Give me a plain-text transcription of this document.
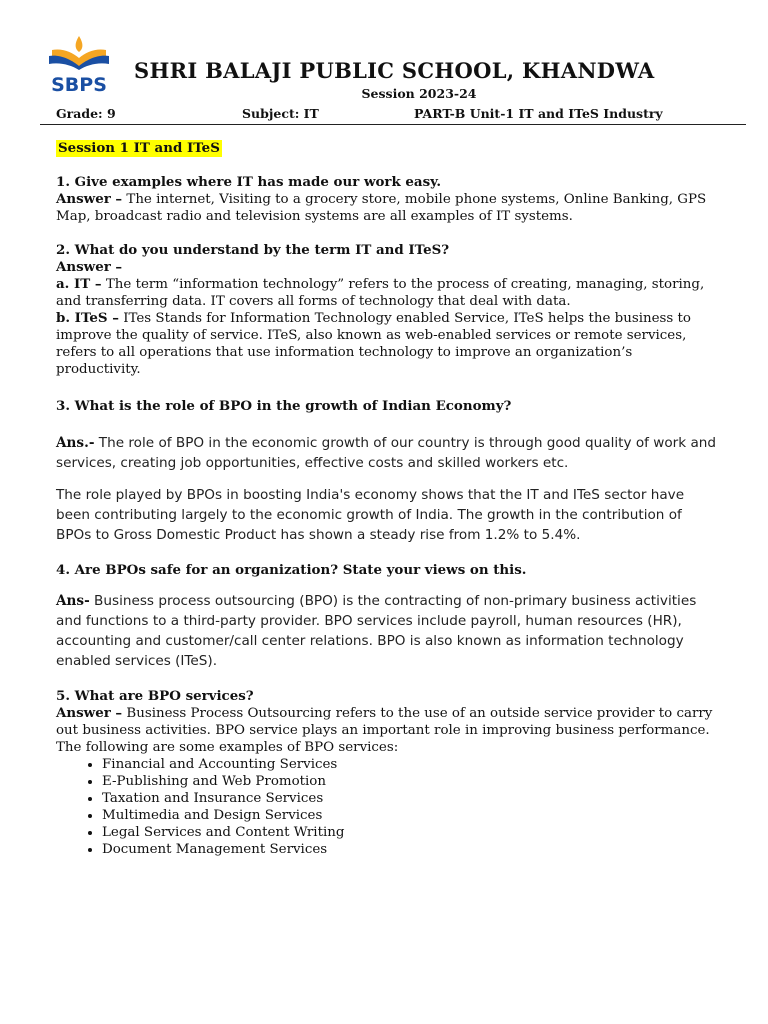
SBPS
SHRI BALAJI PUBLIC SCHOOL, KHANDWA
Session 2023-24
Grade: 9	Subject: IT	PART-B Unit-1 IT and ITeS Industry
Session 1 IT and ITeS

1. Give examples where IT has made our work easy.

Answer – The internet, Visiting to a grocery store, mobile phone systems, Online Banking, GPS Map, broadcast radio and television systems are all examples of IT systems.

2. What do you understand by the term IT and ITeS?

Answer –

a. IT – The term “information technology” refers to the process of creating, managing, storing, and transferring data. IT covers all forms of technology that deal with data.

b. ITeS – ITes Stands for Information Technology enabled Service, ITeS helps the business to improve the quality of service. ITeS, also known as web-enabled services or remote services, refers to all operations that use information technology to improve an organization’s productivity.

3. What is the role of BPO in the growth of Indian Economy?

Ans.- The role of BPO in the economic growth of our country is through good quality of work and services, creating job opportunities, effective costs and skilled workers etc.

The role played by BPOs in boosting India's economy shows that the IT and ITeS sector have been contributing largely to the economic growth of India. The growth in the contribution of BPOs to Gross Domestic Product has shown a steady rise from 1.2% to 5.4%.

4. Are BPOs safe for an organization? State your views on this.

Ans- Business process outsourcing (BPO) is the contracting of non-primary business activities and functions to a third-party provider. BPO services include payroll, human resources (HR), accounting and customer/call center relations. BPO is also known as information technology enabled services (ITeS).

5. What are BPO services?

Answer – Business Process Outsourcing refers to the use of an outside service provider to carry out business activities. BPO service plays an important role in improving business performance.

The following are some examples of BPO services:

• Financial and Accounting Services
• E-Publishing and Web Promotion
• Taxation and Insurance Services
• Multimedia and Design Services
• Legal Services and Content Writing
• Document Management Services
